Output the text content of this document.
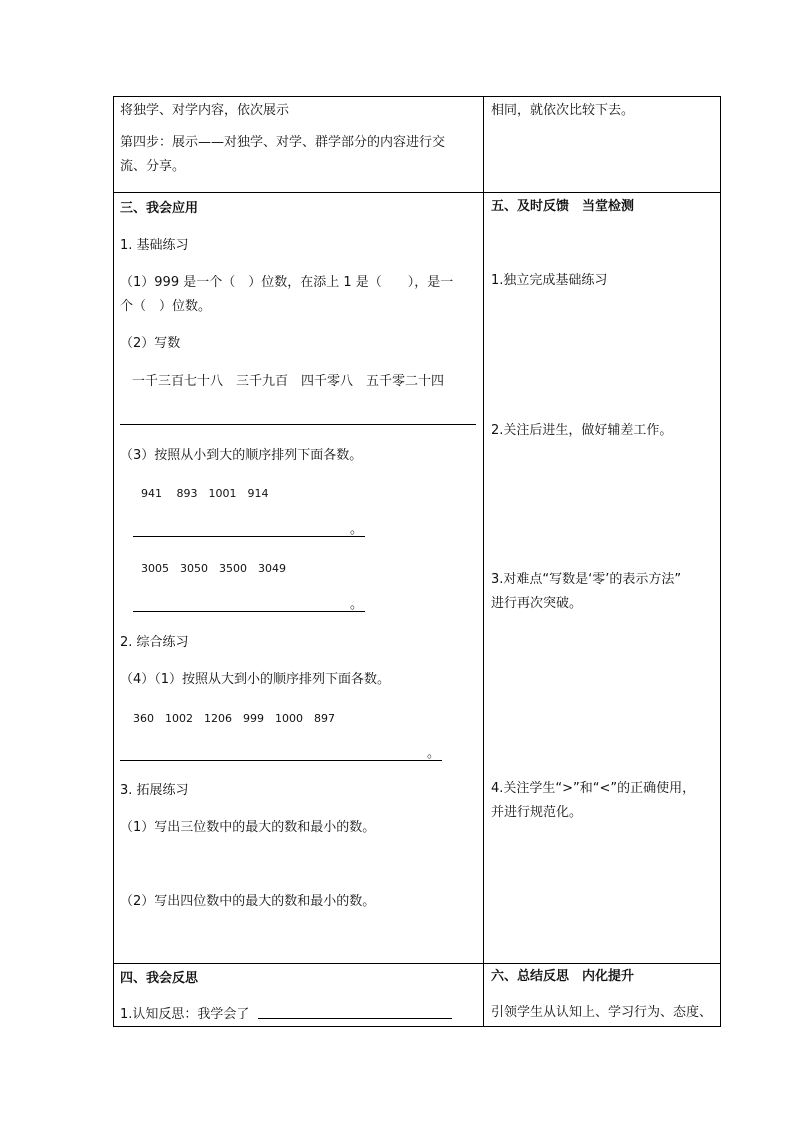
将独学、对学内容，依次展示
第四步：展示——对独学、对学、群学部分的内容进行交
流、分享。
相同，就依次比较下去。
三、我会应用
1. 基础练习
（1）999 是一个（　）位数，在添上 1 是（　　），是一
个（　）位数。
（2）写数
一千三百七十八　三千九百　四千零八　五千零二十四
（3）按照从小到大的顺序排列下面各数。
941　 893　1001　914
。
3005　3050　3500　3049
。
2. 综合练习
（4）（1）按照从大到小的顺序排列下面各数。
360　1002　1206　999　1000　897
。
3. 拓展练习
（1）写出三位数中的最大的数和最小的数。
（2）写出四位数中的最大的数和最小的数。
五、及时反馈　当堂检测
1.独立完成基础练习
2.关注后进生，做好辅差工作。
3.对难点“写数是‘零’的表示方法”
进行再次突破。
4.关注学生“>”和“<”的正确使用，
并进行规范化。
四、我会反思
1.认知反思：我学会了
六、总结反思　内化提升
引领学生从认知上、学习行为、态度、
